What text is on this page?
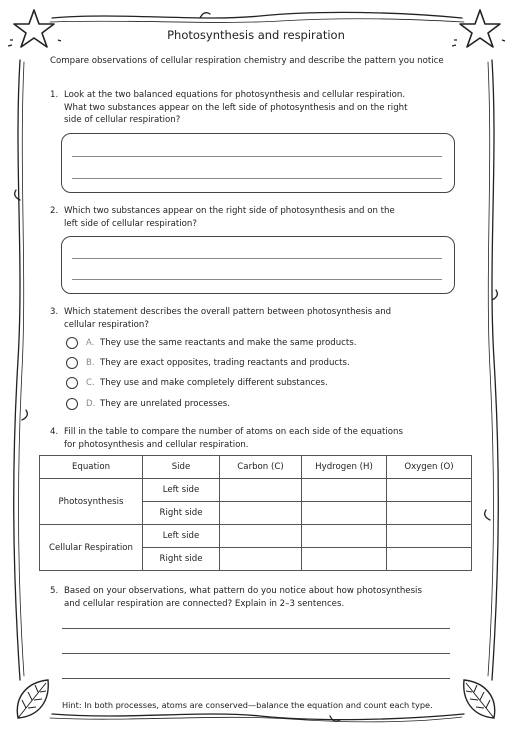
Photosynthesis and respiration
Compare observations of cellular respiration chemistry and describe the pattern you notice
1. Look at the two balanced equations for photosynthesis and cellular respiration.
What two substances appear on the left side of photosynthesis and on the right
side of cellular respiration?
2. Which two substances appear on the right side of photosynthesis and on the
left side of cellular respiration?
3. Which statement describes the overall pattern between photosynthesis and
cellular respiration?
A. They use the same reactants and make the same products.
B. They are exact opposites, trading reactants and products.
C. They use and make completely different substances.
D. They are unrelated processes.
4. Fill in the table to compare the number of atoms on each side of the equations
for photosynthesis and cellular respiration.
Equation	Side	Carbon (C)	Hydrogen (H)	Oxygen (O)
Photosynthesis	Left side			
	Right side			
Cellular Respiration	Left side			
	Right side			
5. Based on your observations, what pattern do you notice about how photosynthesis
and cellular respiration are connected? Explain in 2–3 sentences.
Hint: In both processes, atoms are conserved—balance the equation and count each type.
